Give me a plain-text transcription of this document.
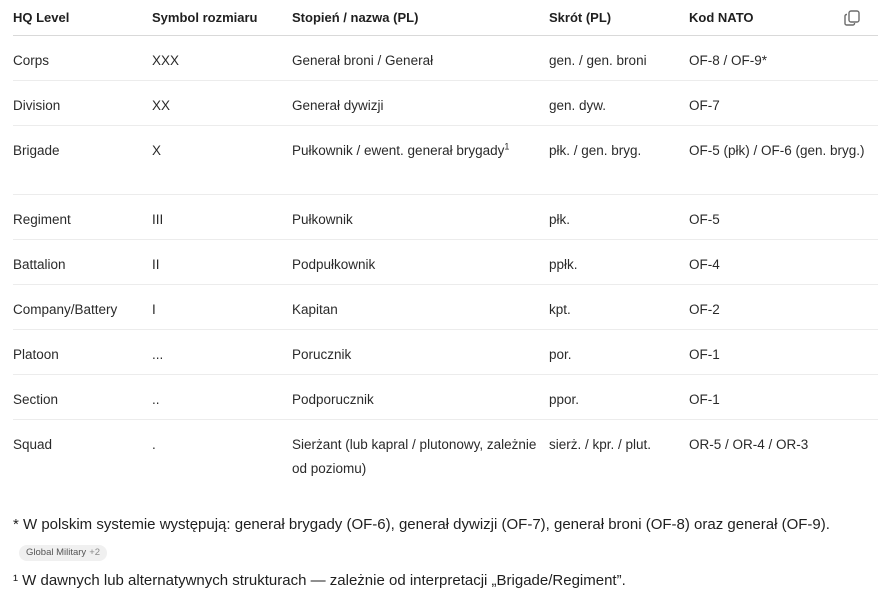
HQ Level	Symbol rozmiaru	Stopień / nazwa (PL)	Skrót (PL)	Kod NATO
Corps	XXX	Generał broni / Generał	gen. / gen. broni	OF-8 / OF-9*
Division	XX	Generał dywizji	gen. dyw.	OF-7
Brigade	X	Pułkownik / ewent. generał brygady$^1$	płk. / gen. bryg.	OF-5 (płk) / OF-6 (gen. bryg.)
Regiment	III	Pułkownik	płk.	OF-5
Battalion	II	Podpułkownik	ppłk.	OF-4
Company/Battery	I	Kapitan	kpt.	OF-2
Platoon	...	Porucznik	por.	OF-1
Section	..	Podporucznik	ppor.	OF-1
Squad	.	Sierżant (lub kapral / plutonowy, zależnie od poziomu)	sierż. / kpr. / plut.	OR-5 / OR-4 / OR-3
* W polskim systemie występują: generał brygady (OF-6), generał dywizji (OF-7), generał broni (OF-8) oraz generał (OF-9).Global Military +2
¹ W dawnych lub alternatywnych strukturach — zależnie od interpretacji „Brigade/Regiment”.
